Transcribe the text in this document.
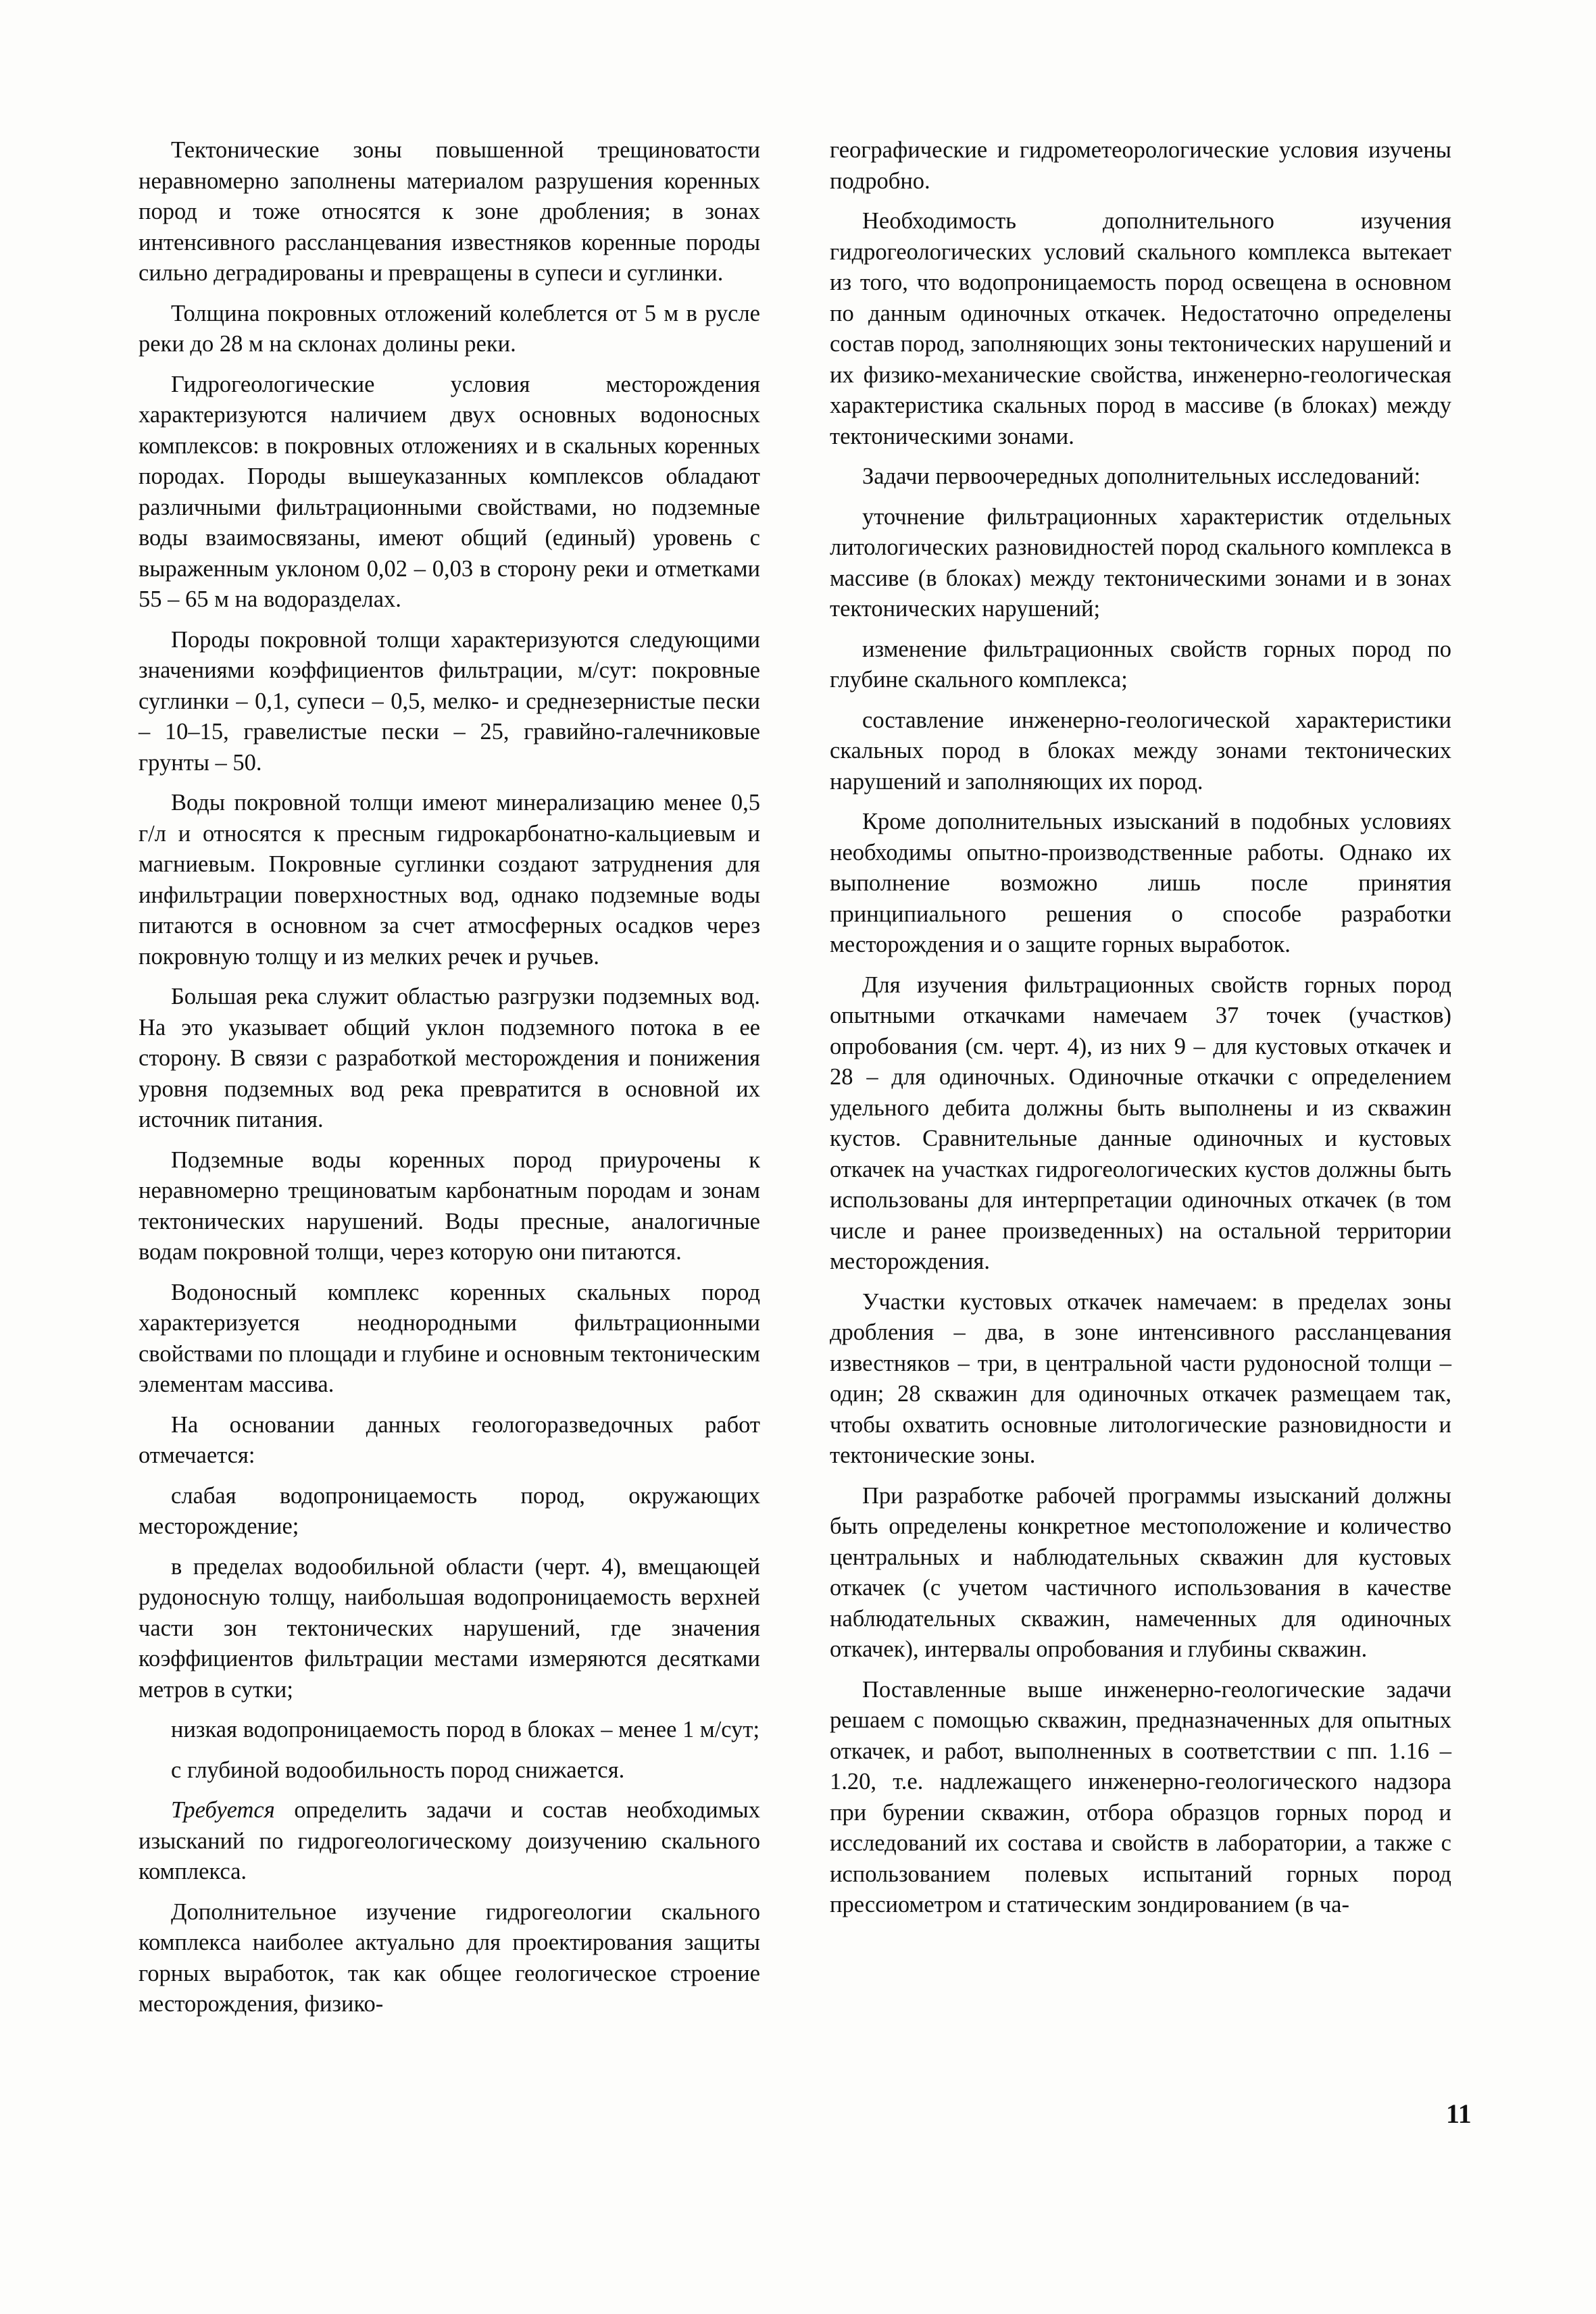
Тектонические зоны повышенной трещиноватости неравномерно заполнены материалом разрушения коренных пород и тоже относятся к зоне дробления; в зонах интенсивного рассланцевания известняков коренные породы сильно деградированы и превращены в супеси и суглинки.

Толщина покровных отложений колеблется от 5 м в русле реки до 28 м на склонах долины реки.

Гидрогеологические условия месторождения характеризуются наличием двух основных водоносных комплексов: в покровных отложениях и в скальных коренных породах. Породы вышеуказанных комплексов обладают различными фильтрационными свойствами, но подземные воды взаимосвязаны, имеют общий (единый) уровень с выраженным уклоном 0,02 – 0,03 в сторону реки и отметками 55 – 65 м на водоразделах.

Породы покровной толщи характеризуются следующими значениями коэффициентов фильтрации, м/сут: покровные суглинки – 0,1, супеси – 0,5, мелко- и среднезернистые пески – 10–15, гравелистые пески – 25, гравийно-галечниковые грунты – 50.

Воды покровной толщи имеют минерализацию менее 0,5 г/л и относятся к пресным гидрокарбонатно-кальциевым и магниевым. Покровные суглинки создают затруднения для инфильтрации поверхностных вод, однако подземные воды питаются в основном за счет атмосферных осадков через покровную толщу и из мелких речек и ручьев.

Большая река служит областью разгрузки подземных вод. На это указывает общий уклон подземного потока в ее сторону. В связи с разработкой месторождения и понижения уровня подземных вод река превратится в основной их источник питания.

Подземные воды коренных пород приурочены к неравномерно трещиноватым карбонатным породам и зонам тектонических нарушений. Воды пресные, аналогичные водам покровной толщи, через которую они питаются.

Водоносный комплекс коренных скальных пород характеризуется неоднородными фильтрационными свойствами по площади и глубине и основным тектоническим элементам массива.

На основании данных геологоразведочных работ отмечается:

слабая водопроницаемость пород, окружающих месторождение;

в пределах водообильной области (черт. 4), вмещающей рудоносную толщу, наибольшая водопроницаемость верхней части зон тектонических нарушений, где значения коэффициентов фильтрации местами измеряются десятками метров в сутки;

низкая водопроницаемость пород в блоках – менее 1 м/сут;

с глубиной водообильность пород снижается.

Требуется определить задачи и состав необходимых изысканий по гидрогеологическому доизучению скального комплекса.

Дополнительное изучение гидрогеологии скального комплекса наиболее актуально для проектирования защиты горных выработок, так как общее геологическое строение месторождения, физико-

географические и гидрометеорологические условия изучены подробно.

Необходимость дополнительного изучения гидрогеологических условий скального комплекса вытекает из того, что водопроницаемость пород освещена в основном по данным одиночных откачек. Недостаточно определены состав пород, заполняющих зоны тектонических нарушений и их физико-механические свойства, инженерно-геологическая характеристика скальных пород в массиве (в блоках) между тектоническими зонами.

Задачи первоочередных дополнительных исследований:

уточнение фильтрационных характеристик отдельных литологических разновидностей пород скального комплекса в массиве (в блоках) между тектоническими зонами и в зонах тектонических нарушений;

изменение фильтрационных свойств горных пород по глубине скального комплекса;

составление инженерно-геологической характеристики скальных пород в блоках между зонами тектонических нарушений и заполняющих их пород.

Кроме дополнительных изысканий в подобных условиях необходимы опытно-производственные работы. Однако их выполнение возможно лишь после принятия принципиального решения о способе разработки месторождения и о защите горных выработок.

Для изучения фильтрационных свойств горных пород опытными откачками намечаем 37 точек (участков) опробования (см. черт. 4), из них 9 – для кустовых откачек и 28 – для одиночных. Одиночные откачки с определением удельного дебита должны быть выполнены и из скважин кустов. Сравнительные данные одиночных и кустовых откачек на участках гидрогеологических кустов должны быть использованы для интерпретации одиночных откачек (в том числе и ранее произведенных) на остальной территории месторождения.

Участки кустовых откачек намечаем: в пределах зоны дробления – два, в зоне интенсивного рассланцевания известняков – три, в центральной части рудоносной толщи – один; 28 скважин для одиночных откачек размещаем так, чтобы охватить основные литологические разновидности и тектонические зоны.

При разработке рабочей программы изысканий должны быть определены конкретное местоположение и количество центральных и наблюдательных скважин для кустовых откачек (с учетом частичного использования в качестве наблюдательных скважин, намеченных для одиночных откачек), интервалы опробования и глубины скважин.

Поставленные выше инженерно-геологические задачи решаем с помощью скважин, предназначенных для опытных откачек, и работ, выполненных в соответствии с пп. 1.16 – 1.20, т.е. надлежащего инженерно-геологического надзора при бурении скважин, отбора образцов горных пород и исследований их состава и свойств в лаборатории, а также с использованием полевых испытаний горных пород прессиометром и статическим зондированием (в ча-

11
